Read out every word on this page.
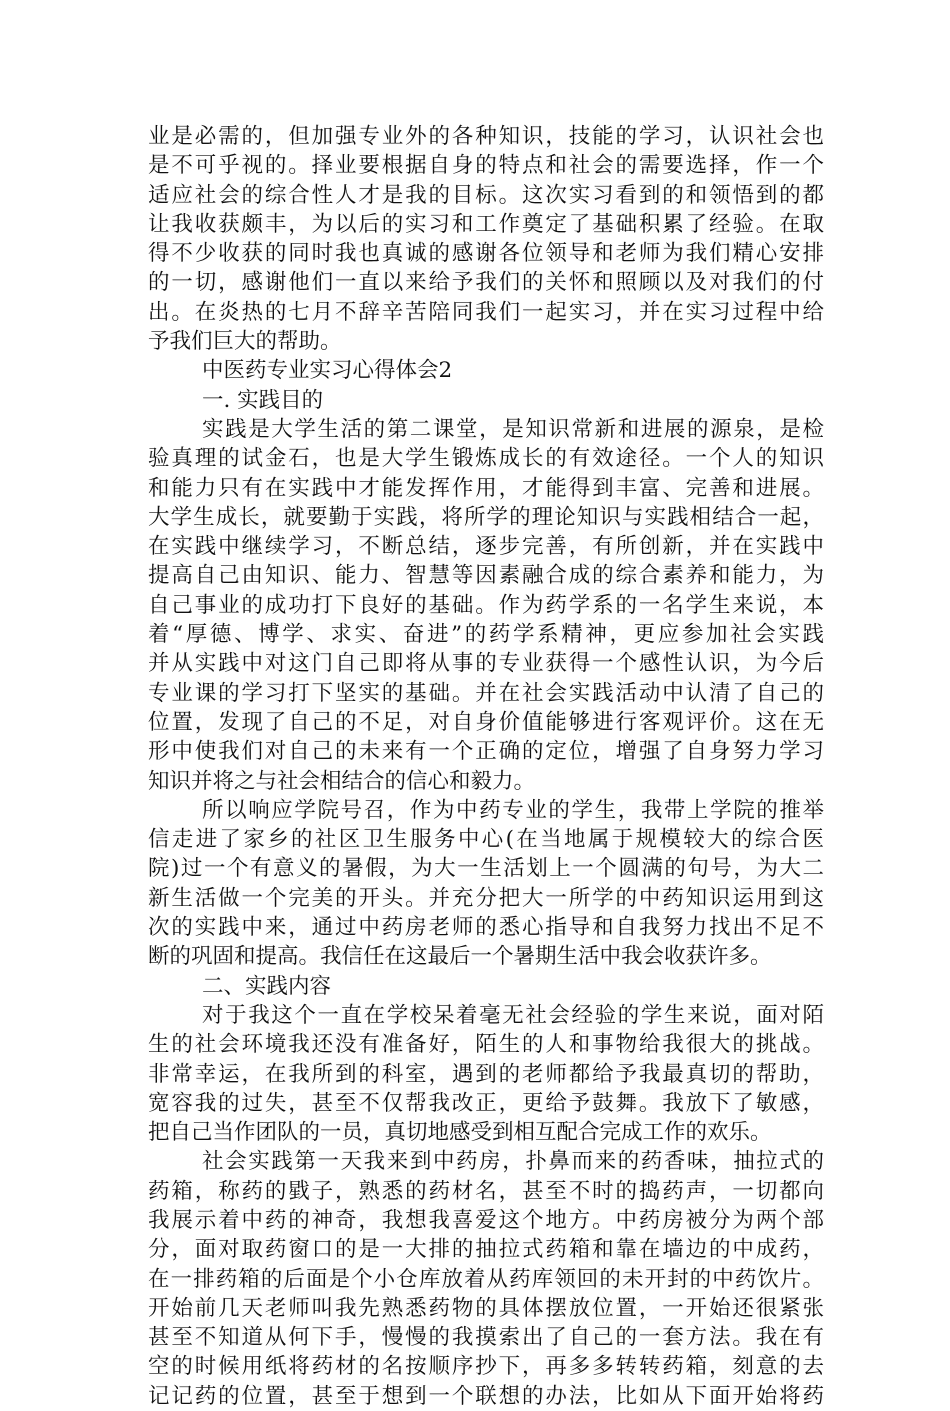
业是必需的，但加强专业外的各种知识，技能的学习，认识社会也
是不可乎视的。择业要根据自身的特点和社会的需要选择，作一个
适应社会的综合性人才是我的目标。这次实习看到的和领悟到的都
让我收获颇丰，为以后的实习和工作奠定了基础积累了经验。在取
得不少收获的同时我也真诚的感谢各位领导和老师为我们精心安排
的一切，感谢他们一直以来给予我们的关怀和照顾以及对我们的付
出。在炎热的七月不辞辛苦陪同我们一起实习，并在实习过程中给
予我们巨大的帮助。
中医药专业实习心得体会2
一. 实践目的
实践是大学生活的第二课堂，是知识常新和进展的源泉，是检
验真理的试金石，也是大学生锻炼成长的有效途径。一个人的知识
和能力只有在实践中才能发挥作用，才能得到丰富、完善和进展。
大学生成长，就要勤于实践，将所学的理论知识与实践相结合一起，
在实践中继续学习，不断总结，逐步完善，有所创新，并在实践中
提高自己由知识、能力、智慧等因素融合成的综合素养和能力，为
自己事业的成功打下良好的基础。作为药学系的一名学生来说，本
着“厚德、博学、求实、奋进”的药学系精神，更应参加社会实践
并从实践中对这门自己即将从事的专业获得一个感性认识，为今后
专业课的学习打下坚实的基础。并在社会实践活动中认清了自己的
位置，发现了自己的不足，对自身价值能够进行客观评价。这在无
形中使我们对自己的未来有一个正确的定位，增强了自身努力学习
知识并将之与社会相结合的信心和毅力。
所以响应学院号召，作为中药专业的学生，我带上学院的推举
信走进了家乡的社区卫生服务中心(在当地属于规模较大的综合医
院)过一个有意义的暑假，为大一生活划上一个圆满的句号，为大二
新生活做一个完美的开头。并充分把大一所学的中药知识运用到这
次的实践中来，通过中药房老师的悉心指导和自我努力找出不足不
断的巩固和提高。我信任在这最后一个暑期生活中我会收获许多。
二、实践内容
对于我这个一直在学校呆着毫无社会经验的学生来说，面对陌
生的社会环境我还没有准备好，陌生的人和事物给我很大的挑战。
非常幸运，在我所到的科室，遇到的老师都给予我最真切的帮助，
宽容我的过失，甚至不仅帮我改正，更给予鼓舞。我放下了敏感，
把自己当作团队的一员，真切地感受到相互配合完成工作的欢乐。
社会实践第一天我来到中药房，扑鼻而来的药香味，抽拉式的
药箱，称药的戥子，熟悉的药材名，甚至不时的捣药声，一切都向
我展示着中药的神奇，我想我喜爱这个地方。中药房被分为两个部
分，面对取药窗口的是一大排的抽拉式药箱和靠在墙边的中成药，
在一排药箱的后面是个小仓库放着从药库领回的未开封的中药饮片。
开始前几天老师叫我先熟悉药物的具体摆放位置，一开始还很紧张
甚至不知道从何下手，慢慢的我摸索出了自己的一套方法。我在有
空的时候用纸将药材的名按顺序抄下，再多多转转药箱，刻意的去
记记药的位置，甚至于想到一个联想的办法，比如从下面开始将药
